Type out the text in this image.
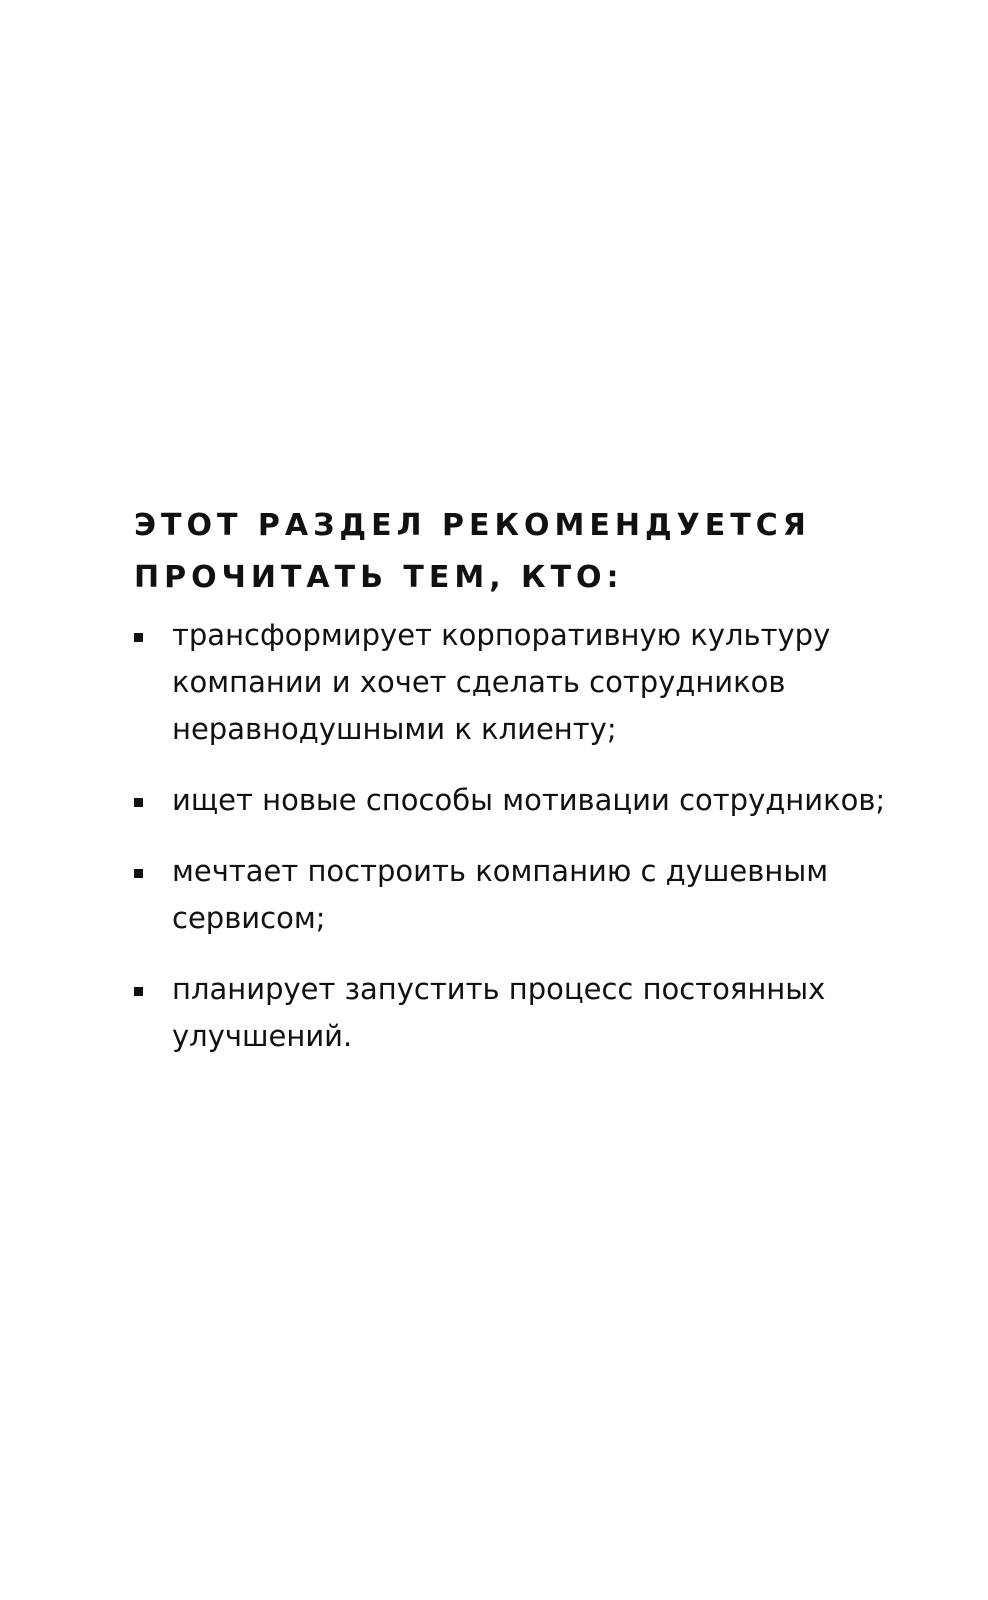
ЭТОТ РАЗДЕЛ РЕКОМЕНДУЕТСЯ
ПРОЧИТАТЬ ТЕМ, КТО:
трансформирует корпоративную культуру
компании и хочет сделать сотрудников
неравнодушными к клиенту;
ищет новые способы мотивации сотрудников;
мечтает построить компанию с душевным
сервисом;
планирует запустить процесс постоянных
улучшений.
